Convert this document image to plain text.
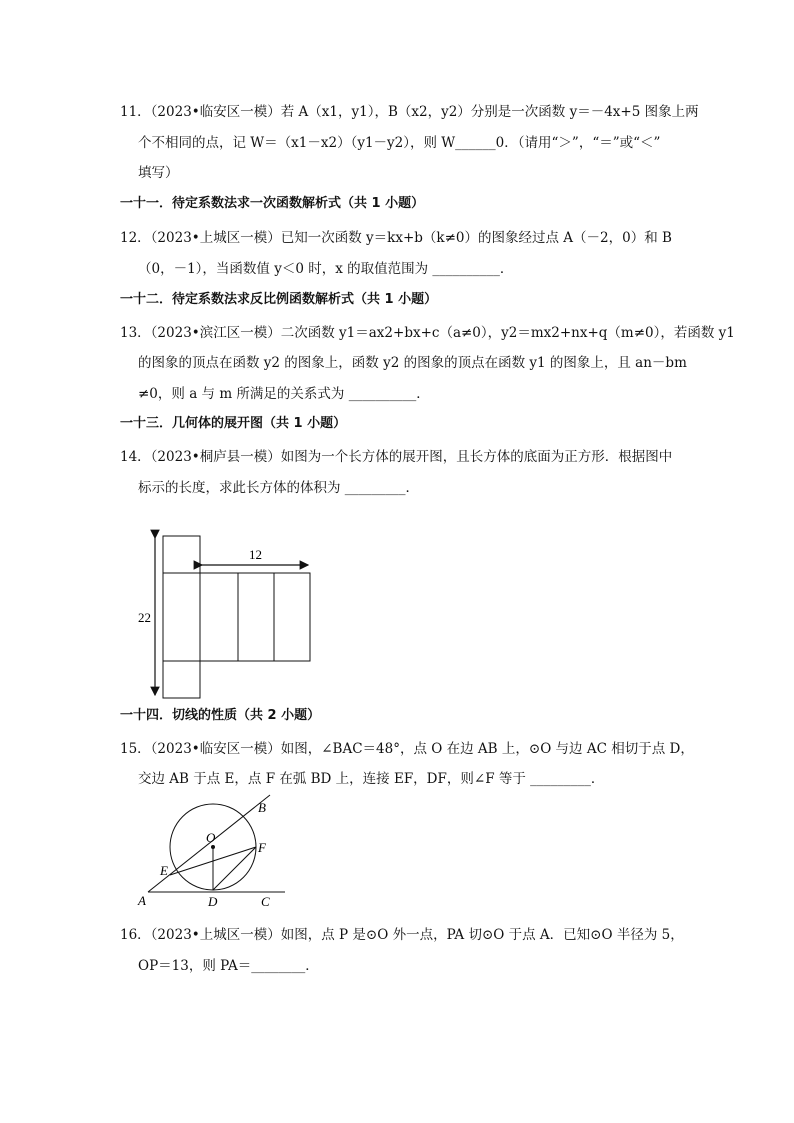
11．（2023•临安区一模）若 A（x1，y1），B（x2，y2）分别是一次函数 y＝－4x+5 图象上两
个不相同的点，记 W＝（x1－x2）（y1－y2），则 W______0．（请用“＞”，“＝”或“＜”
填写）
一十一．待定系数法求一次函数解析式（共 1 小题）
12．（2023•上城区一模）已知一次函数 y＝kx+b（k≠0）的图象经过点 A（－2，0）和 B
（0，－1），当函数值 y＜0 时，x 的取值范围为 __________．
一十二．待定系数法求反比例函数解析式（共 1 小题）
13．（2023•滨江区一模）二次函数 y1＝ax2+bx+c（a≠0），y2＝mx2+nx+q（m≠0），若函数 y1
的图象的顶点在函数 y2 的图象上，函数 y2 的图象的顶点在函数 y1 的图象上，且 an－bm
≠0，则 a 与 m 所满足的关系式为 __________．
一十三．几何体的展开图（共 1 小题）
14．（2023•桐庐县一模）如图为一个长方体的展开图，且长方体的底面为正方形．根据图中
标示的长度，求此长方体的体积为 _________．
22
12
一十四．切线的性质（共 2 小题）
15．（2023•临安区一模）如图，∠BAC＝48°，点 O 在边 AB 上，⊙O 与边 AC 相切于点 D，
交边 AB 于点 E，点 F 在弧 BD 上，连接 EF，DF，则∠F 等于 _________．
O
B
F
E
A	D	C
16．（2023•上城区一模）如图，点 P 是⊙O 外一点，PA 切⊙O 于点 A．已知⊙O 半径为 5，
OP＝13，则 PA＝________．
